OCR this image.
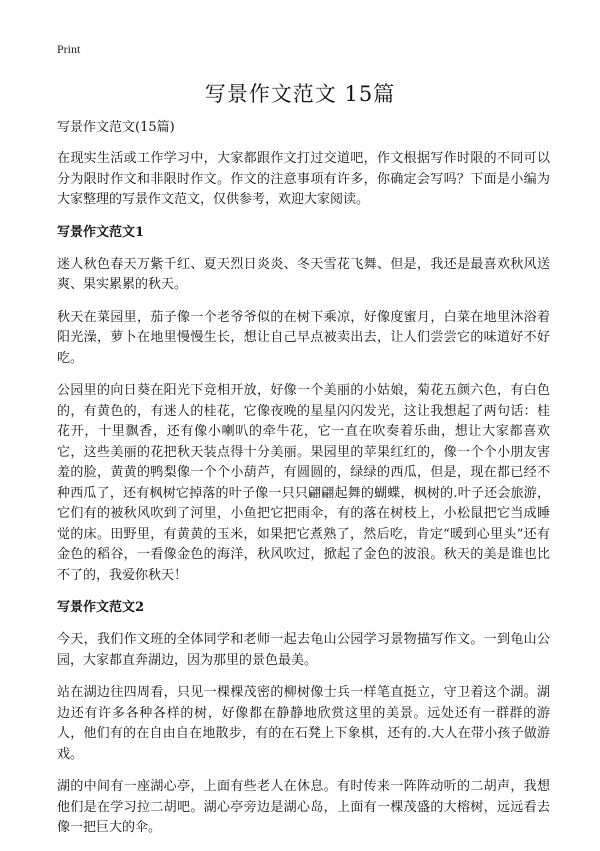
Print
写景作文范文 15篇
写景作文范文(15篇)

在现实生活或工作学习中，大家都跟作文打过交道吧，作文根据写作时限的不同可以分为限时作文和非限时作文。作文的注意事项有许多，你确定会写吗？下面是小编为大家整理的写景作文范文，仅供参考，欢迎大家阅读。

写景作文范文1

迷人秋色春天万紫千红、夏天烈日炎炎、冬天雪花飞舞、但是，我还是最喜欢秋风送爽、果实累累的秋天。

秋天在菜园里，茄子像一个老爷爷似的在树下乘凉，好像度蜜月，白菜在地里沐浴着阳光澡，萝卜在地里慢慢生长，想让自己早点被卖出去，让人们尝尝它的味道好不好吃。

公园里的向日葵在阳光下竞相开放，好像一个美丽的小姑娘，菊花五颜六色，有白色的，有黄色的，有迷人的桂花，它像夜晚的星星闪闪发光，这让我想起了两句话：桂花开，十里飘香，还有像小喇叭的牵牛花，它一直在吹奏着乐曲，想让大家都喜欢它，这些美丽的花把秋天装点得十分美丽。果园里的苹果红红的，像一个个小朋友害羞的脸，黄黄的鸭梨像一个个小葫芦，有圆圆的，绿绿的西瓜，但是，现在都已经不种西瓜了，还有枫树它掉落的叶子像一只只翩翩起舞的蝴蝶，枫树的.叶子还会旅游，它们有的被秋风吹到了河里，小鱼把它把雨伞，有的落在树枝上，小松鼠把它当成睡觉的床。田野里，有黄黄的玉米，如果把它煮熟了，然后吃，肯定“暖到心里头”还有金色的稻谷，一看像金色的海洋，秋风吹过，掀起了金色的波浪。秋天的美是谁也比不了的，我爱你秋天！

写景作文范文2

今天，我们作文班的全体同学和老师一起去龟山公园学习景物描写作文。一到龟山公园，大家都直奔湖边，因为那里的景色最美。

站在湖边往四周看，只见一棵棵茂密的柳树像士兵一样笔直挺立，守卫着这个湖。湖边还有许多各种各样的树，好像都在静静地欣赏这里的美景。远处还有一群群的游人，他们有的在自由自在地散步，有的在石凳上下象棋，还有的.大人在带小孩子做游戏。

湖的中间有一座湖心亭，上面有些老人在休息。有时传来一阵阵动听的二胡声，我想他们是在学习拉二胡吧。湖心亭旁边是湖心岛，上面有一棵茂盛的大榕树，远远看去像一把巨大的伞。
